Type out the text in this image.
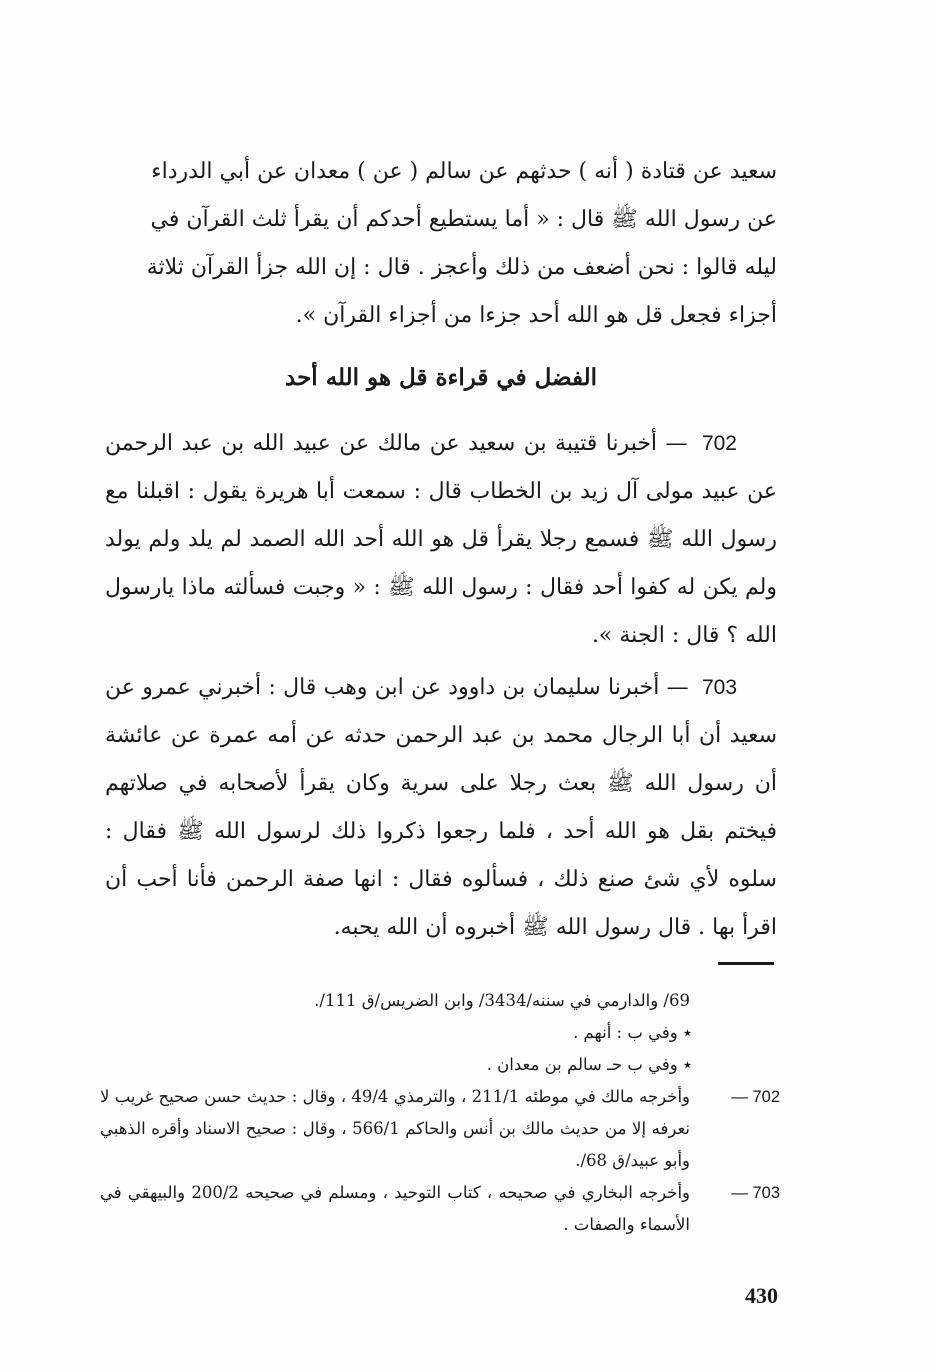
سعيد عن قتادة ( أنه ) حدثهم عن سالم ( عن ) معدان عن أبي الدرداء
عن رسول الله ﷺ قال : « أما يستطيع أحدكم أن يقرأ ثلث القرآن في
ليله قالوا : نحن أضعف من ذلك وأعجز . قال : إن الله جزأ القرآن ثلاثة
أجزاء فجعل قل هو الله أحد جزءا من أجزاء القرآن ».
الفضل في قراءة قل هو الله أحد

702 — أخبرنا قتيبة بن سعيد عن مالك عن عبيد الله بن عبد الرحمن عن عبيد مولى آل زيد بن الخطاب قال : سمعت أبا هريرة يقول : اقبلنا مع رسول الله ﷺ فسمع رجلا يقرأ قل هو الله أحد الله الصمد لم يلد ولم يولد ولم يكن له كفوا أحد فقال : رسول الله ﷺ : « وجبت فسألته ماذا يارسول الله ؟ قال : الجنة ».

703 — أخبرنا سليمان بن داوود عن ابن وهب قال : أخبرني عمرو عن سعيد أن أبا الرجال محمد بن عبد الرحمن حدثه عن أمه عمرة عن عائشة أن رسول الله ﷺ بعث رجلا على سرية وكان يقرأ لأصحابه في صلاتهم فيختم بقل هو الله أحد ، فلما رجعوا ذكروا ذلك لرسول الله ﷺ فقال : سلوه لأي شئ صنع ذلك ، فسألوه فقال : انها صفة الرحمن فأنا أحب أن اقرأ بها . قال رسول الله ﷺ أخبروه أن الله يحبه.

69/ والدارمي في سننه/3434/ وابن الضريس/ق 111/.

٭ وفي ب : أنهم .

٭ وفي ب حـ سالم بن معدان .

702 —
وأخرجه مالك في موطئه 211/1 ، والترمذي 49/4 ، وقال : حديث حسن صحيح غريب لا نعرفه إلا من حديث مالك بن أنس والحاكم 566/1 ، وقال : صحيح الاسناد وأقره الذهبي وأبو عبيد/ق 68/.
703 —
وأخرجه البخاري في صحيحه ، كتاب التوحيد ، ومسلم في صحيحه 200/2 والبيهقي في الأسماء والصفات .
430
